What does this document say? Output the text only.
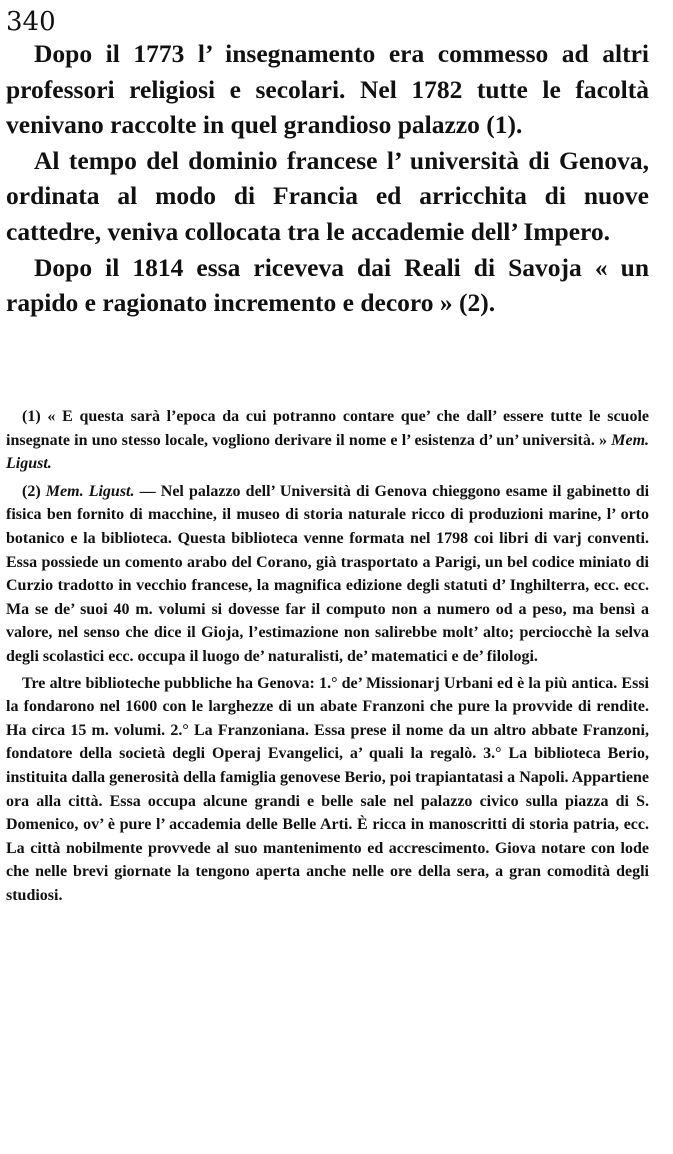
340

Dopo il 1773 l’ insegnamento era commesso ad altri professori religiosi e secolari. Nel 1782 tutte le facoltà venivano raccolte in quel grandioso palazzo (1).

Al tempo del dominio francese l’ università di Genova, ordinata al modo di Francia ed arricchita di nuove cattedre, veniva collocata tra le accademie dell’ Impero.

Dopo il 1814 essa riceveva dai Reali di Savoja « un rapido e ragionato incremento e decoro » (2).

(1) « E questa sarà l’epoca da cui potranno contare que’ che dall’ essere tutte le scuole insegnate in uno stesso locale, vogliono derivare il nome e l’ esistenza d’ un’ università. » Mem. Ligust.

(2) Mem. Ligust. — Nel palazzo dell’ Università di Genova chieggono esame il gabinetto di fisica ben fornito di macchine, il museo di storia naturale ricco di produzioni marine, l’ orto botanico e la biblioteca. Questa biblioteca venne formata nel 1798 coi libri di varj conventi. Essa possiede un comento arabo del Corano, già trasportato a Parigi, un bel codice miniato di Curzio tradotto in vecchio francese, la magnifica edizione degli statuti d’ Inghilterra, ecc. ecc. Ma se de’ suoi 40 m. volumi si dovesse far il computo non a numero od a peso, ma bensì a valore, nel senso che dice il Gioja, l’estimazione non salirebbe molt’ alto; perciocchè la selva degli scolastici ecc. occupa il luogo de’ naturalisti, de’ matematici e de’ filologi.

Tre altre biblioteche pubbliche ha Genova: 1.° de’ Missionarj Urbani ed è la più antica. Essi la fondarono nel 1600 con le larghezze di un abate Franzoni che pure la provvide di rendite. Ha circa 15 m. volumi. 2.° La Franzoniana. Essa prese il nome da un altro abbate Franzoni, fondatore della società degli Operaj Evangelici, a’ quali la regalò. 3.° La biblioteca Berio, instituita dalla generosità della famiglia genovese Berio, poi trapiantatasi a Napoli. Appartiene ora alla città. Essa occupa alcune grandi e belle sale nel palazzo civico sulla piazza di S. Domenico, ov’ è pure l’ accademia delle Belle Arti. È ricca in manoscritti di storia patria, ecc. La città nobilmente provvede al suo mantenimento ed accrescimento. Giova notare con lode che nelle brevi giornate la tengono aperta anche nelle ore della sera, a gran comodità degli studiosi.
